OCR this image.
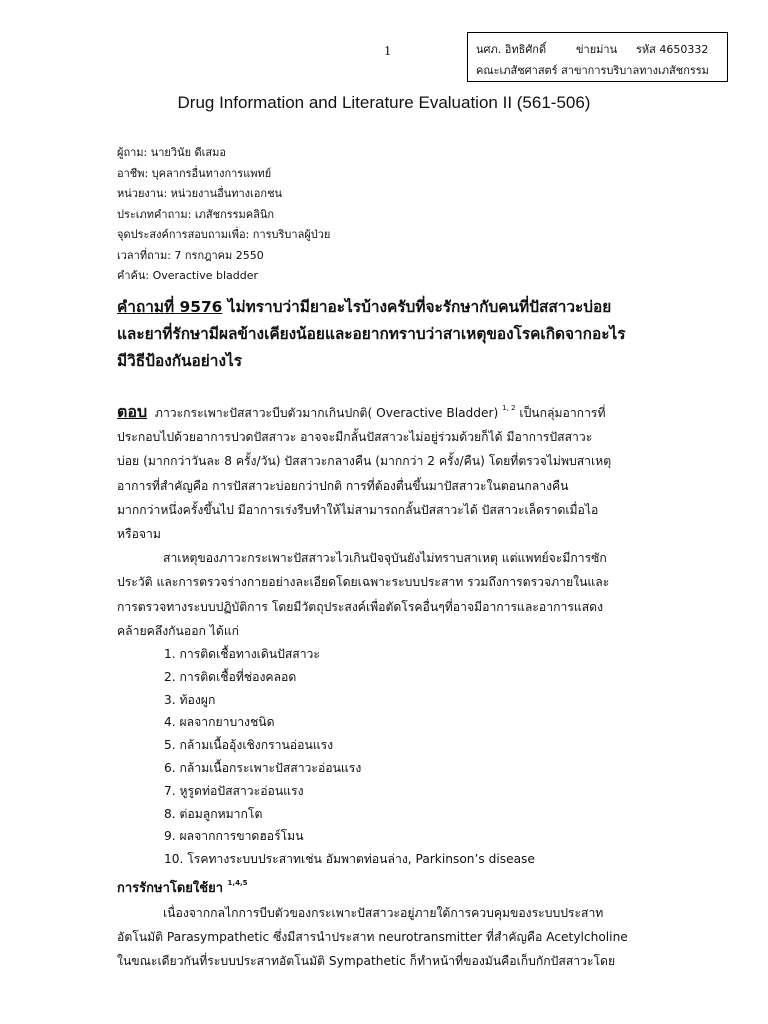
1	นศภ. อิทธิศักดิ์	ข่ายม่าน	รหัส 4650332
คณะเภสัชศาสตร์ สาขาการบริบาลทางเภสัชกรรม
Drug Information and Literature Evaluation II (561-506)
ผู้ถาม: นายวินัย ดีเสมอ
อาชีพ: บุคลากรอื่นทางการแพทย์
หน่วยงาน: หน่วยงานอื่นทางเอกชน
ประเภทคำถาม: เภสัชกรรมคลินิก
จุดประสงค์การสอบถามเพื่อ: การบริบาลผู้ป่วย
เวลาที่ถาม: 7 กรกฎาคม 2550
คำค้น: Overactive bladder
คำถามที่ 9576 ไม่ทราบว่ามียาอะไรบ้างครับที่จะรักษากับคนที่ปัสสาวะบ่อย
และยาที่รักษามีผลข้างเคียงน้อยและอยากทราบว่าสาเหตุของโรคเกิดจากอะไร
มีวิธีป้องกันอย่างไร
ตอบ ภาวะกระเพาะปัสสาวะบีบตัวมากเกินปกติ( Overactive Bladder) $^{1, 2}$ เป็นกลุ่มอาการที่
ประกอบไปด้วยอาการปวดปัสสาวะ อาจจะมีกลั้นปัสสาวะไม่อยู่ร่วมด้วยก็ได้ มีอาการปัสสาวะ
บ่อย (มากกว่าวันละ 8 ครั้ง/วัน) ปัสสาวะกลางคืน (มากกว่า 2 ครั้ง/คืน) โดยที่ตรวจไม่พบสาเหตุ
อาการที่สำคัญคือ การปัสสาวะบ่อยกว่าปกติ การที่ต้องตื่นขึ้นมาปัสสาวะในตอนกลางคืน
มากกว่าหนึ่งครั้งขึ้นไป มีอาการเร่งรีบทำให้ไม่สามารถกลั้นปัสสาวะได้ ปัสสาวะเล็ดราดเมื่อไอ
หรือจาม
สาเหตุของภาวะกระเพาะปัสสาวะไวเกินปัจจุบันยังไม่ทราบสาเหตุ แต่แพทย์จะมีการซัก
ประวัติ และการตรวจร่างกายอย่างละเอียดโดยเฉพาะระบบประสาท รวมถึงการตรวจภายในและ
การตรวจทางระบบปฏิบัติการ โดยมีวัตถุประสงค์เพื่อตัดโรคอื่นๆที่อาจมีอาการและอาการแสดง
คล้ายคลึงกันออก ได้แก่
1. การติดเชื้อทางเดินปัสสาวะ
2. การติดเชื้อที่ช่องคลอด
3. ท้องผูก
4. ผลจากยาบางชนิด
5. กล้ามเนื้ออุ้งเชิงกรานอ่อนแรง
6. กล้ามเนื้อกระเพาะปัสสาวะอ่อนแรง
7. หูรูดท่อปัสสาวะอ่อนแรง
8. ต่อมลูกหมากโต
9. ผลจากการขาดฮอร์โมน
10. โรคทางระบบประสาทเช่น อัมพาตท่อนล่าง, Parkinson’s disease
การรักษาโดยใช้ยา $^{1,4,5}$
เนื่องจากกลไกการบีบตัวของกระเพาะปัสสาวะอยู่ภายใต้การควบคุมของระบบประสาท
อัตโนมัติ Parasympathetic ซึ่งมีสารนำประสาท neurotransmitter ที่สำคัญคือ Acetylcholine
ในขณะเดียวกันที่ระบบประสาทอัตโนมัติ Sympathetic ก็ทำหน้าที่ของมันคือเก็บกักปัสสาวะโดย
